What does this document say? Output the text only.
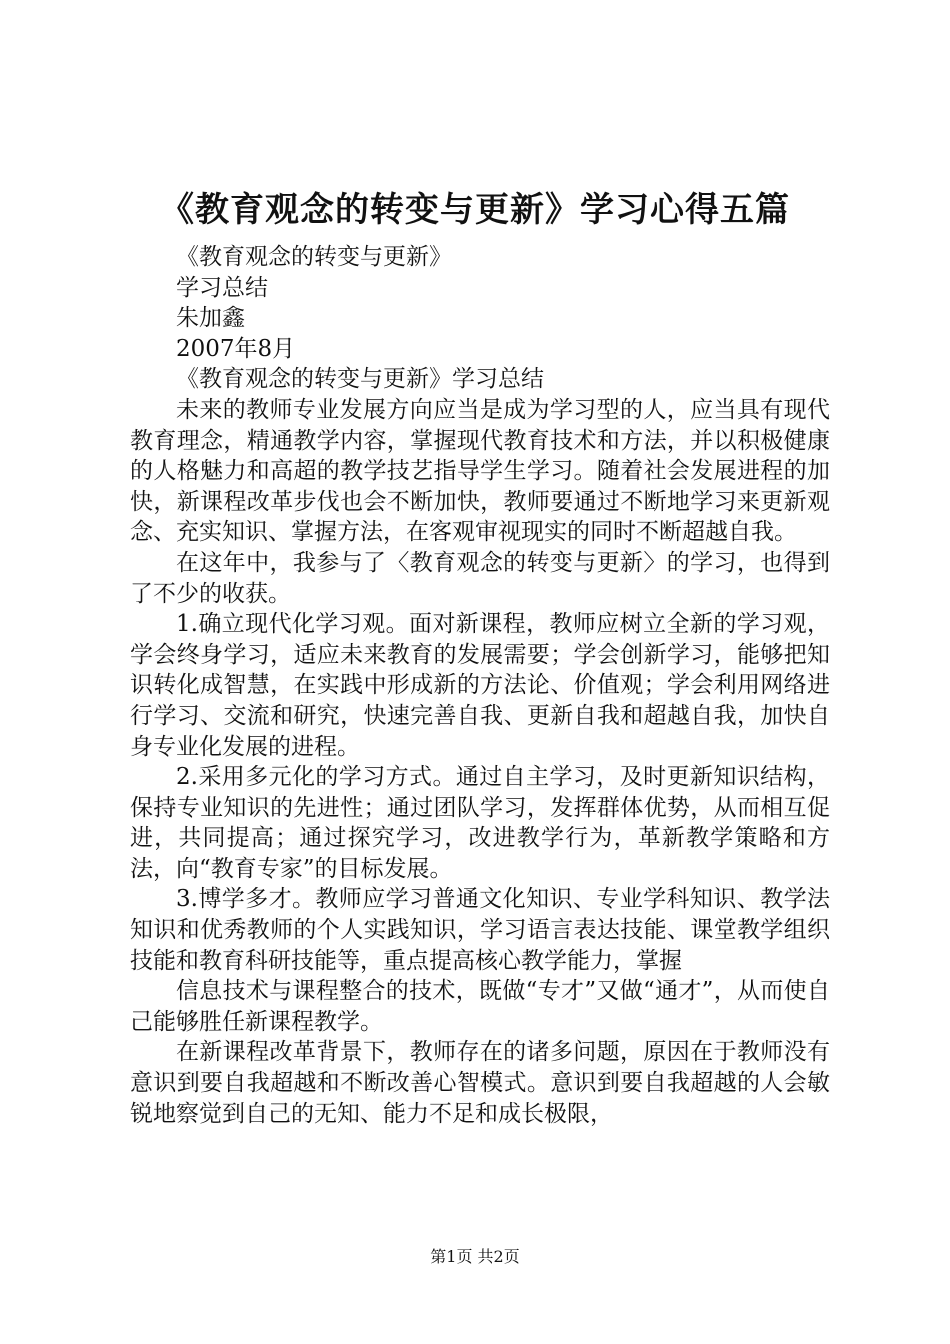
《教育观念的转变与更新》学习心得五篇

《教育观念的转变与更新》

学习总结

朱加鑫

2007年8月

《教育观念的转变与更新》学习总结

未来的教师专业发展方向应当是成为学习型的人，应当具有现代教育理念，精通教学内容，掌握现代教育技术和方法，并以积极健康的人格魅力和高超的教学技艺指导学生学习。随着社会发展进程的加快，新课程改革步伐也会不断加快，教师要通过不断地学习来更新观念、充实知识、掌握方法，在客观审视现实的同时不断超越自我。

在这年中，我参与了〈教育观念的转变与更新〉的学习，也得到了不少的收获。

1.确立现代化学习观。面对新课程，教师应树立全新的学习观，学会终身学习，适应未来教育的发展需要；学会创新学习，能够把知识转化成智慧，在实践中形成新的方法论、价值观；学会利用网络进行学习、交流和研究，快速完善自我、更新自我和超越自我，加快自身专业化发展的进程。

2.采用多元化的学习方式。通过自主学习，及时更新知识结构，保持专业知识的先进性；通过团队学习，发挥群体优势，从而相互促进，共同提高；通过探究学习，改进教学行为，革新教学策略和方法，向“教育专家”的目标发展。

3.博学多才。教师应学习普通文化知识、专业学科知识、教学法知识和优秀教师的个人实践知识，学习语言表达技能、课堂教学组织技能和教育科研技能等，重点提高核心教学能力，掌握

信息技术与课程整合的技术，既做“专才”又做“通才”，从而使自己能够胜任新课程教学。

在新课程改革背景下，教师存在的诸多问题，原因在于教师没有意识到要自我超越和不断改善心智模式。意识到要自我超越的人会敏锐地察觉到自己的无知、能力不足和成长极限，

第1页 共2页
